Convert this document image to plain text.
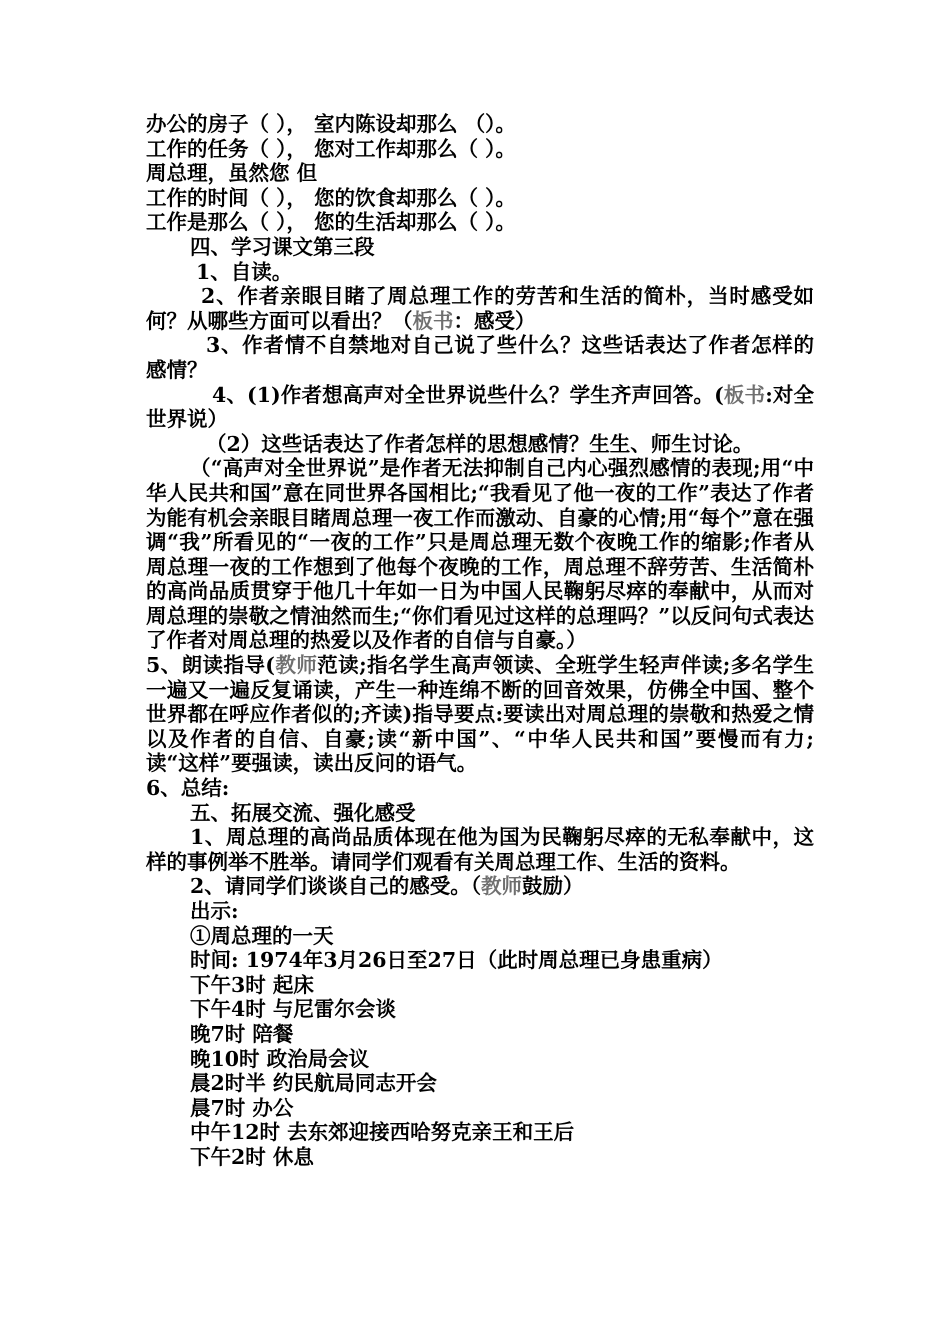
办公的房子（ ）， 室内陈设却那么 （）。

工作的任务（ ）， 您对工作却那么（ ）。

周总理，虽然您 但

工作的时间（ ）， 您的饮食却那么（ ）。

工作是那么（ ）， 您的生活却那么（ ）。

四、学习课文第三段

1、自读。

2、作者亲眼目睹了周总理工作的劳苦和生活的简朴，当时感受如何？从哪些方面可以看出？（板书：感受）

3、作者情不自禁地对自己说了些什么？这些话表达了作者怎样的感情？

4、(1)作者想高声对全世界说些什么？学生齐声回答。(板书:对全世界说）

（2）这些话表达了作者怎样的思想感情？生生、师生讨论。

（“高声对全世界说”是作者无法抑制自己内心强烈感情的表现;用“中华人民共和国”意在同世界各国相比;“我看见了他一夜的工作”表达了作者为能有机会亲眼目睹周总理一夜工作而激动、自豪的心情;用“每个”意在强调“我”所看见的“一夜的工作”只是周总理无数个夜晚工作的缩影;作者从周总理一夜的工作想到了他每个夜晚的工作，周总理不辞劳苦、生活简朴的高尚品质贯穿于他几十年如一日为中国人民鞠躬尽瘁的奉献中，从而对周总理的崇敬之情油然而生;“你们看见过这样的总理吗？”以反问句式表达了作者对周总理的热爱以及作者的自信与自豪。）

5、朗读指导(教师范读;指名学生高声领读、全班学生轻声伴读;多名学生一遍又一遍反复诵读，产生一种连绵不断的回音效果，仿佛全中国、整个世界都在呼应作者似的;齐读)指导要点:要读出对周总理的崇敬和热爱之情以及作者的自信、自豪;读“新中国”、“中华人民共和国”要慢而有力;读“这样”要强读，读出反问的语气。

6、总结:

五、拓展交流、强化感受

1、周总理的高尚品质体现在他为国为民鞠躬尽瘁的无私奉献中，这样的事例举不胜举。请同学们观看有关周总理工作、生活的资料。

2、请同学们谈谈自己的感受。（教师鼓励）

出示:

①周总理的一天

时间: 1974年3月26日至27日（此时周总理已身患重病）

下午3时 起床

下午4时 与尼雷尔会谈

晚7时 陪餐

晚10时 政治局会议

晨2时半 约民航局同志开会

晨7时 办公

中午12时 去东郊迎接西哈努克亲王和王后

下午2时 休息
